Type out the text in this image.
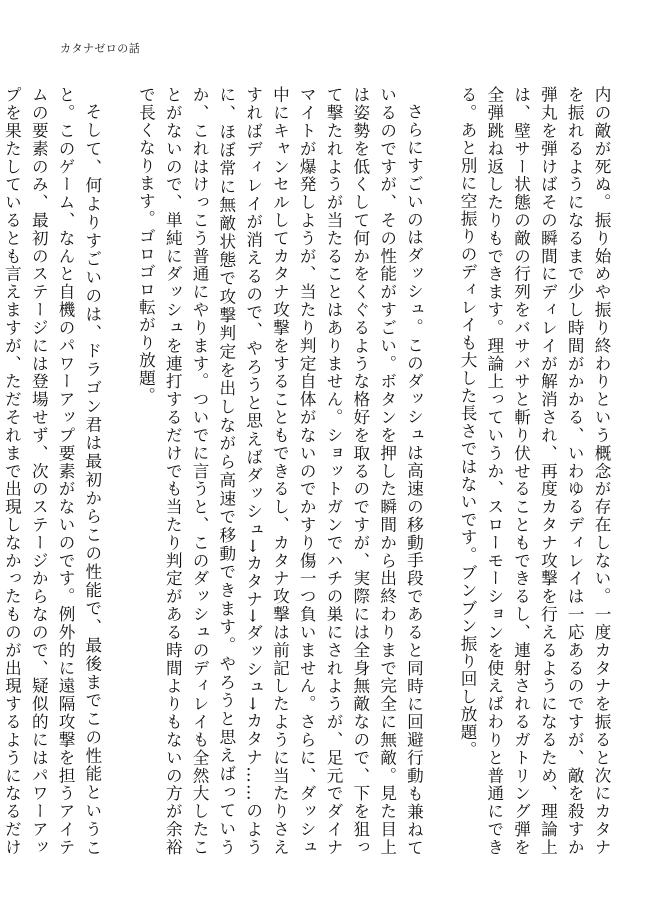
カタナゼロの話

内の敵が死ぬ。振り始めや振り終わりという概念が存在しない。一度カタナを振ると次にカタナを振れるようになるまで少し時間がかかる、いわゆるディレイは一応あるのですが、敵を殺すか弾丸を弾けばその瞬間にディレイが解消され、再度カタナ攻撃を行えるようになるため、理論上は、壁サー状態の敵の行列をバサバサと斬り伏せることもできるし、連射されるガトリング弾を全弾跳ね返したりもできます。理論上っていうか、スローモーションを使えばわりと普通にできる。あと別に空振りのディレイも大した長さではないです。ブンブン振り回し放題。

さらにすごいのはダッシュ。このダッシュは高速の移動手段であると同時に回避行動も兼ねているのですが、その性能がすごい。ボタンを押した瞬間から出終わりまで完全に無敵。見た目上は姿勢を低くして何かをくぐるような格好を取るのですが、実際には全身無敵なので、下を狙って撃たれようが当たることはありません。ショットガンでハチの巣にされようが、足元でダイナマイトが爆発しようが、当たり判定自体がないのでかすり傷一つ負いません。さらに、ダッシュ中にキャンセルしてカタナ攻撃をすることもできるし、カタナ攻撃は前記したように当たりさえすればディレイが消えるので、やろうと思えばダッシュ→カタナ→ダッシュ→カタナ……のように、ほぼ常に無敵状態で攻撃判定を出しながら高速で移動できます。やろうと思えばっていうか、これはけっこう普通にやります。ついでに言うと、このダッシュのディレイも全然大したことがないので、単純にダッシュを連打するだけでも当たり判定がある時間よりもないの方が余裕で長くなります。ゴロゴロ転がり放題。

そして、何よりすごいのは、ドラゴン君は最初からこの性能で、最後までこの性能ということ。このゲーム、なんと自機のパワーアップ要素がないのです。例外的に遠隔攻撃を担うアイテムの要素のみ、最初のステージには登場せず、次のステージからなので、疑似的にはパワーアップを果たしているとも言えますが、ただそれまで出現しなかったものが出現するようになるだけ
